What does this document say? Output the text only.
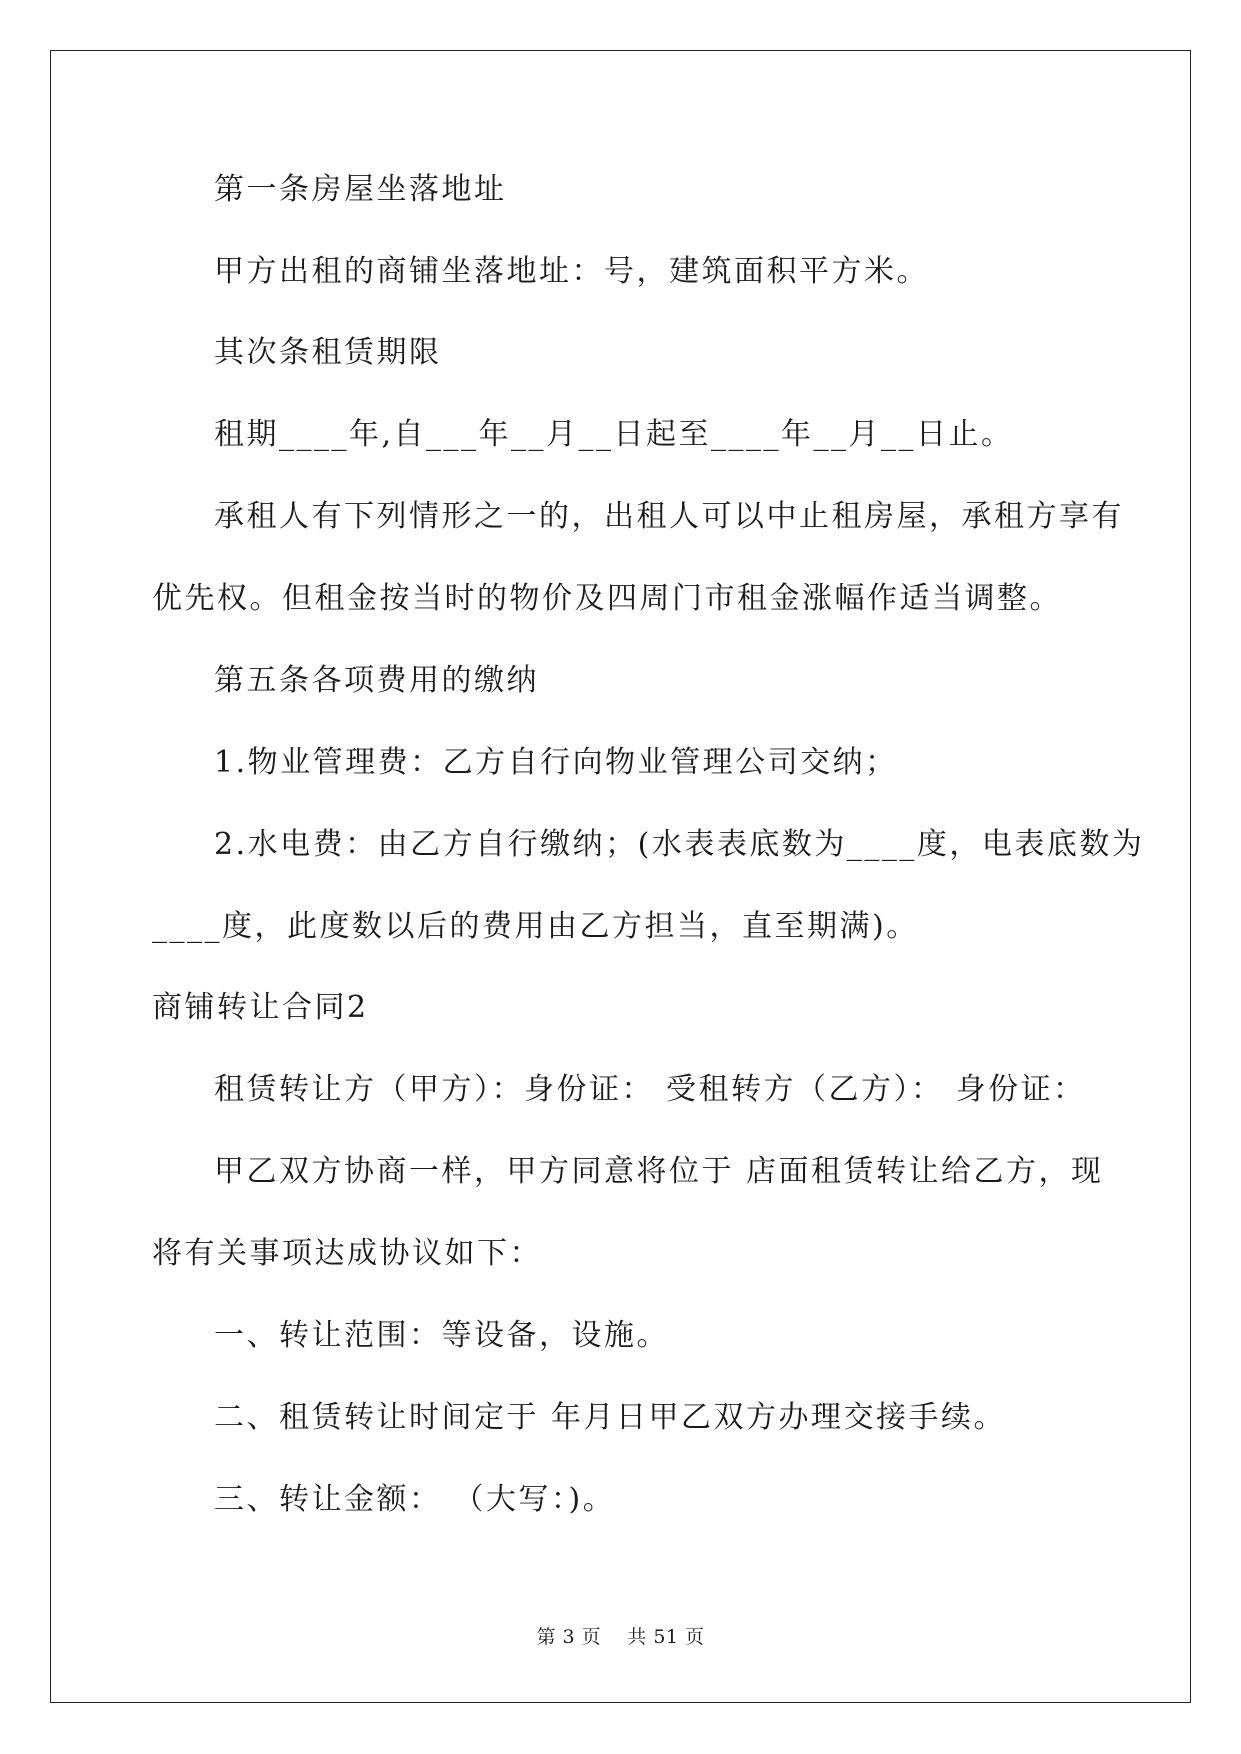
第一条房屋坐落地址

甲方出租的商铺坐落地址：号，建筑面积平方米。

其次条租赁期限

租期____年,自___年__月__日起至____年__月__日止。

承租人有下列情形之一的，出租人可以中止租房屋，承租方享有

优先权。但租金按当时的物价及四周门市租金涨幅作适当调整。

第五条各项费用的缴纳

1.物业管理费：乙方自行向物业管理公司交纳；

2.水电费：由乙方自行缴纳；(水表表底数为____度，电表底数为

____度，此度数以后的费用由乙方担当，直至期满)。

商铺转让合同2

租赁转让方（甲方）：身份证： 受租转方（乙方）： 身份证：

甲乙双方协商一样，甲方同意将位于 店面租赁转让给乙方，现

将有关事项达成协议如下：

一、转让范围：等设备，设施。

二、租赁转让时间定于 年月日甲乙双方办理交接手续。

三、转让金额： （大写：)。

第 3 页    共 51 页
